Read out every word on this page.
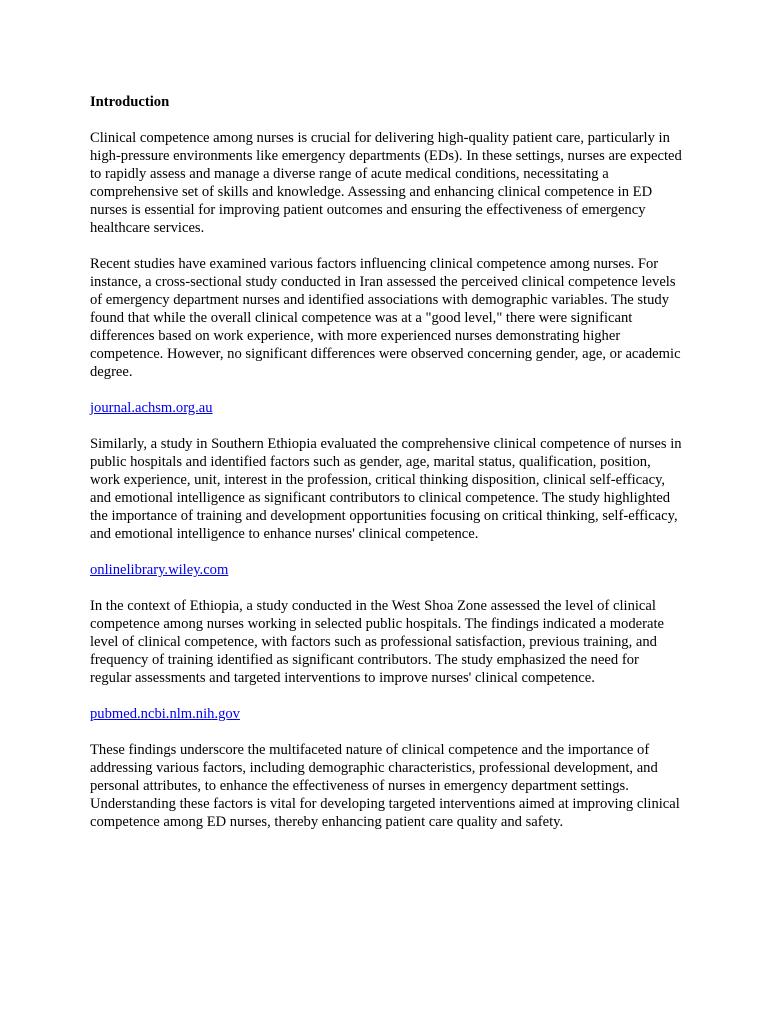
Introduction

Clinical competence among nurses is crucial for delivering high-quality patient care, particularly in high-pressure environments like emergency departments (EDs). In these settings, nurses are expected to rapidly assess and manage a diverse range of acute medical conditions, necessitating a comprehensive set of skills and knowledge. Assessing and enhancing clinical competence in ED nurses is essential for improving patient outcomes and ensuring the effectiveness of emergency healthcare services.

Recent studies have examined various factors influencing clinical competence among nurses. For instance, a cross-sectional study conducted in Iran assessed the perceived clinical competence levels of emergency department nurses and identified associations with demographic variables. The study found that while the overall clinical competence was at a "good level," there were significant differences based on work experience, with more experienced nurses demonstrating higher competence. However, no significant differences were observed concerning gender, age, or academic degree.

journal.achsm.org.au

Similarly, a study in Southern Ethiopia evaluated the comprehensive clinical competence of nurses in public hospitals and identified factors such as gender, age, marital status, qualification, position, work experience, unit, interest in the profession, critical thinking disposition, clinical self-efficacy, and emotional intelligence as significant contributors to clinical competence. The study highlighted the importance of training and development opportunities focusing on critical thinking, self-efficacy, and emotional intelligence to enhance nurses' clinical competence.

onlinelibrary.wiley.com

In the context of Ethiopia, a study conducted in the West Shoa Zone assessed the level of clinical competence among nurses working in selected public hospitals. The findings indicated a moderate level of clinical competence, with factors such as professional satisfaction, previous training, and frequency of training identified as significant contributors. The study emphasized the need for regular assessments and targeted interventions to improve nurses' clinical competence.

pubmed.ncbi.nlm.nih.gov

These findings underscore the multifaceted nature of clinical competence and the importance of addressing various factors, including demographic characteristics, professional development, and personal attributes, to enhance the effectiveness of nurses in emergency department settings. Understanding these factors is vital for developing targeted interventions aimed at improving clinical competence among ED nurses, thereby enhancing patient care quality and safety.
